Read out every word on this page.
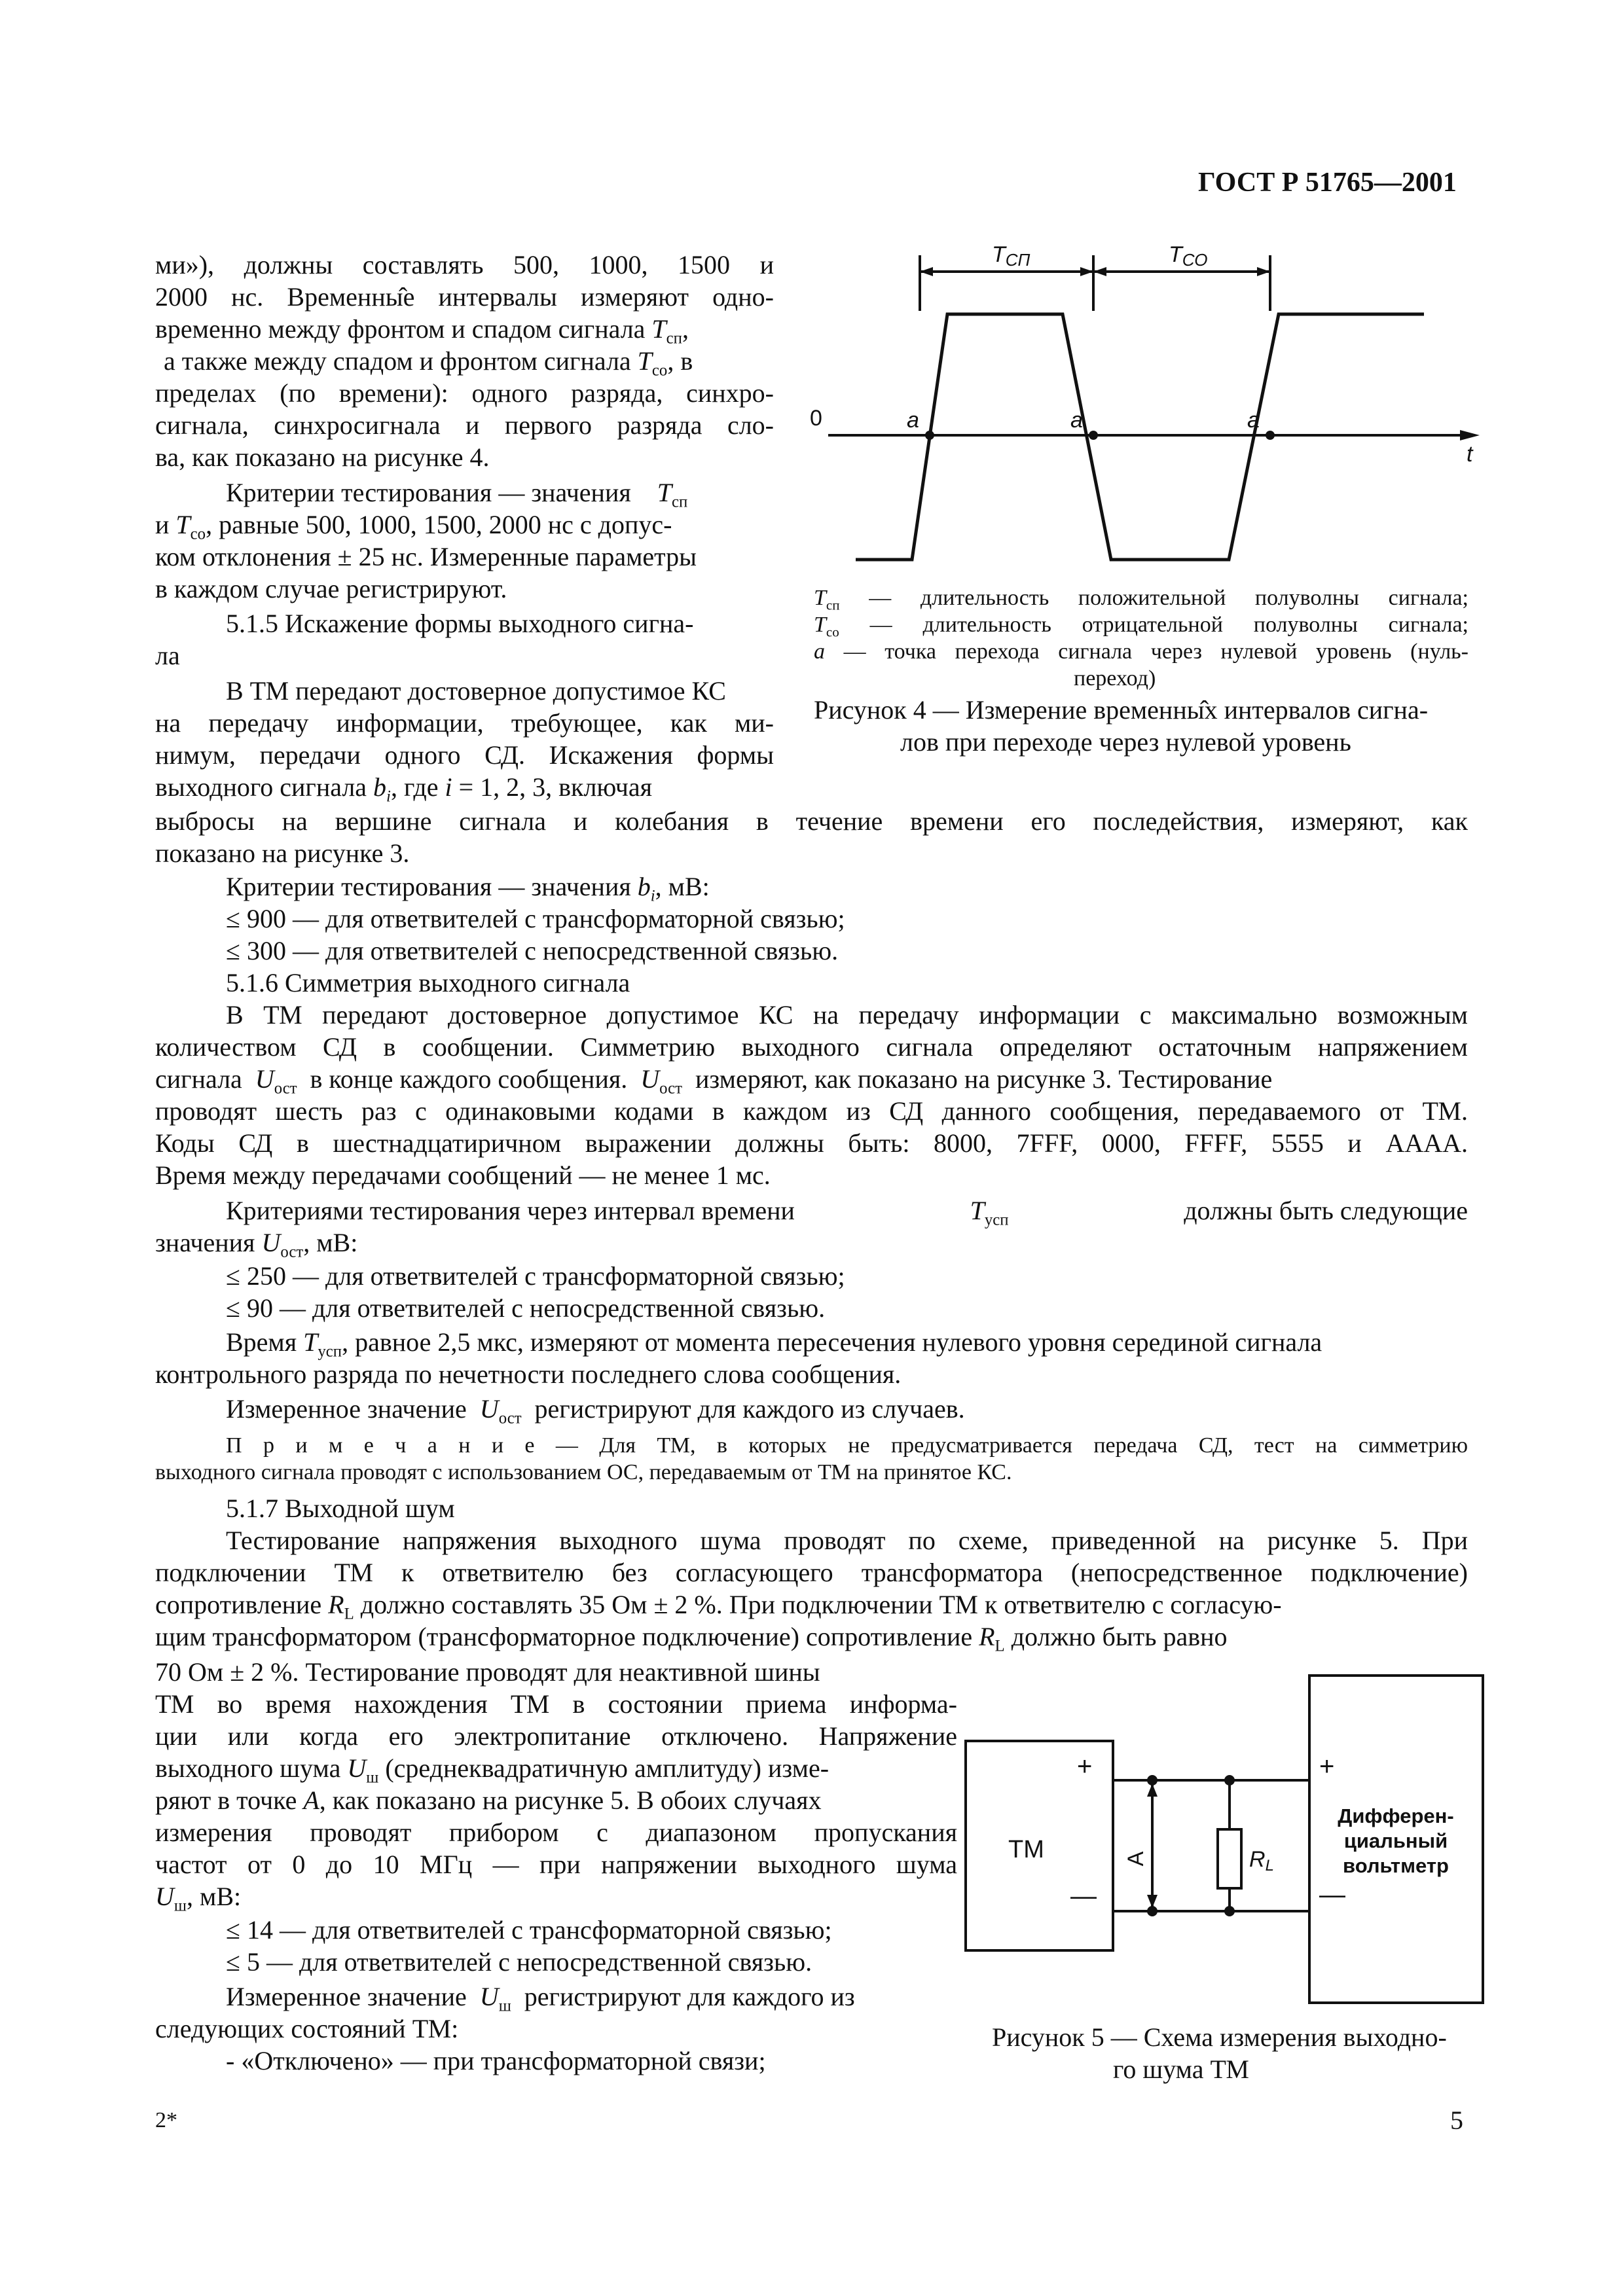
ГОСТ Р 51765—2001
ми»), должны составлять 500, 1000, 1500 и
2000 нс. Временны̂е интервалы измеряют одно-
временно между фронтом и спадом сигнала $T_{сп}$,
а также между спадом и фронтом сигнала $T_{со}$, в
пределах (по времени): одного разряда, синхро-
сигнала, синхросигнала и первого разряда сло-
ва, как показано на рисунке 4.
Критерии тестирования — значения $T_{сп}$
и $T_{со}$, равные 500, 1000, 1500, 2000 нс с допус-
ком отклонения ± 25 нс. Измеренные параметры
в каждом случае регистрируют.
5.1.5 Искажение формы выходного сигна-
ла
В ТМ передают достоверное допустимое КС
на передачу информации, требующее, как ми-
нимум, передачи одного СД. Искажения формы
выходного сигнала $b_i$, где i = 1, 2, 3, включая
TСП	TСО
0	a	a	a
t
$T_{сп}$ — длительность положительной полуволны сигнала;
$T_{со}$ — длительность отрицательной полуволны сигнала;
a — точка перехода сигнала через нулевой уровень (нуль-
переход)
Рисунок 4 — Измерение временны̂х интервалов сигна-
лов при переходе через нулевой уровень
выбросы на вершине сигнала и колебания в течение времени его последействия, измеряют, как
показано на рисунке 3.
Критерии тестирования — значения $b_i$, мВ:
≤ 900 — для ответвителей с трансформаторной связью;
≤ 300 — для ответвителей с непосредственной связью.
5.1.6 Симметрия выходного сигнала
В ТМ передают достоверное допустимое КС на передачу информации с максимально возможным
количеством СД в сообщении. Симметрию выходного сигнала определяют остаточным напряжением
сигнала $U_{ост}$ в конце каждого сообщения. $U_{ост}$ измеряют, как показано на рисунке 3. Тестирование
проводят шесть раз с одинаковыми кодами в каждом из СД данного сообщения, передаваемого от ТМ.
Коды СД в шестнадцатиричном выражении должны быть: 8000, 7FFF, 0000, FFFF, 5555 и AAAA.
Время между передачами сообщений — не менее 1 мс.
Критериями тестирования через интервал времени	$T_{усп}$	должны быть следующие
значения $U_{ост}$, мВ:
≤ 250 — для ответвителей с трансформаторной связью;
≤ 90 — для ответвителей с непосредственной связью.
Время $T_{усп}$, равное 2,5 мкс, измеряют от момента пересечения нулевого уровня серединой сигнала
контрольного разряда по нечетности последнего слова сообщения.
Измеренное значение $U_{ост}$ регистрируют для каждого из случаев.
П р и м е ч а н и е — Для ТМ, в которых не предусматривается передача СД, тест на симметрию
выходного сигнала проводят с использованием ОС, передаваемым от ТМ на принятое КС.
5.1.7 Выходной шум
Тестирование напряжения выходного шума проводят по схеме, приведенной на рисунке 5. При
подключении ТМ к ответвителю без согласующего трансформатора (непосредственное подключение)
сопротивление $R_L$ должно составлять 35 Ом ± 2 %. При подключении ТМ к ответвителю с согласую-
щим трансформатором (трансформаторное подключение) сопротивление $R_L$ должно быть равно
70 Ом ± 2 %. Тестирование проводят для неактивной шины
ТМ во время нахождения ТМ в состоянии приема информа-
ции или когда его электропитание отключено. Напряжение
выходного шума $U_ш$ (среднеквадратичную амплитуду) изме-
ряют в точке A, как показано на рисунке 5. В обоих случаях
измерения проводят прибором с диапазоном пропускания
частот от 0 до 10 МГц — при напряжении выходного шума
$U_ш$, мВ:
≤ 14 — для ответвителей с трансформаторной связью;
≤ 5 — для ответвителей с непосредственной связью.
Измеренное значение $U_ш$ регистрируют для каждого из
следующих состояний ТМ:
- «Отключено» — при трансформаторной связи;
ТМ
+
—
+
—
A	RL
Дифферен-
циальный
вольтметр
Рисунок 5 — Схема измерения выходно-
го шума ТМ
2*	5
